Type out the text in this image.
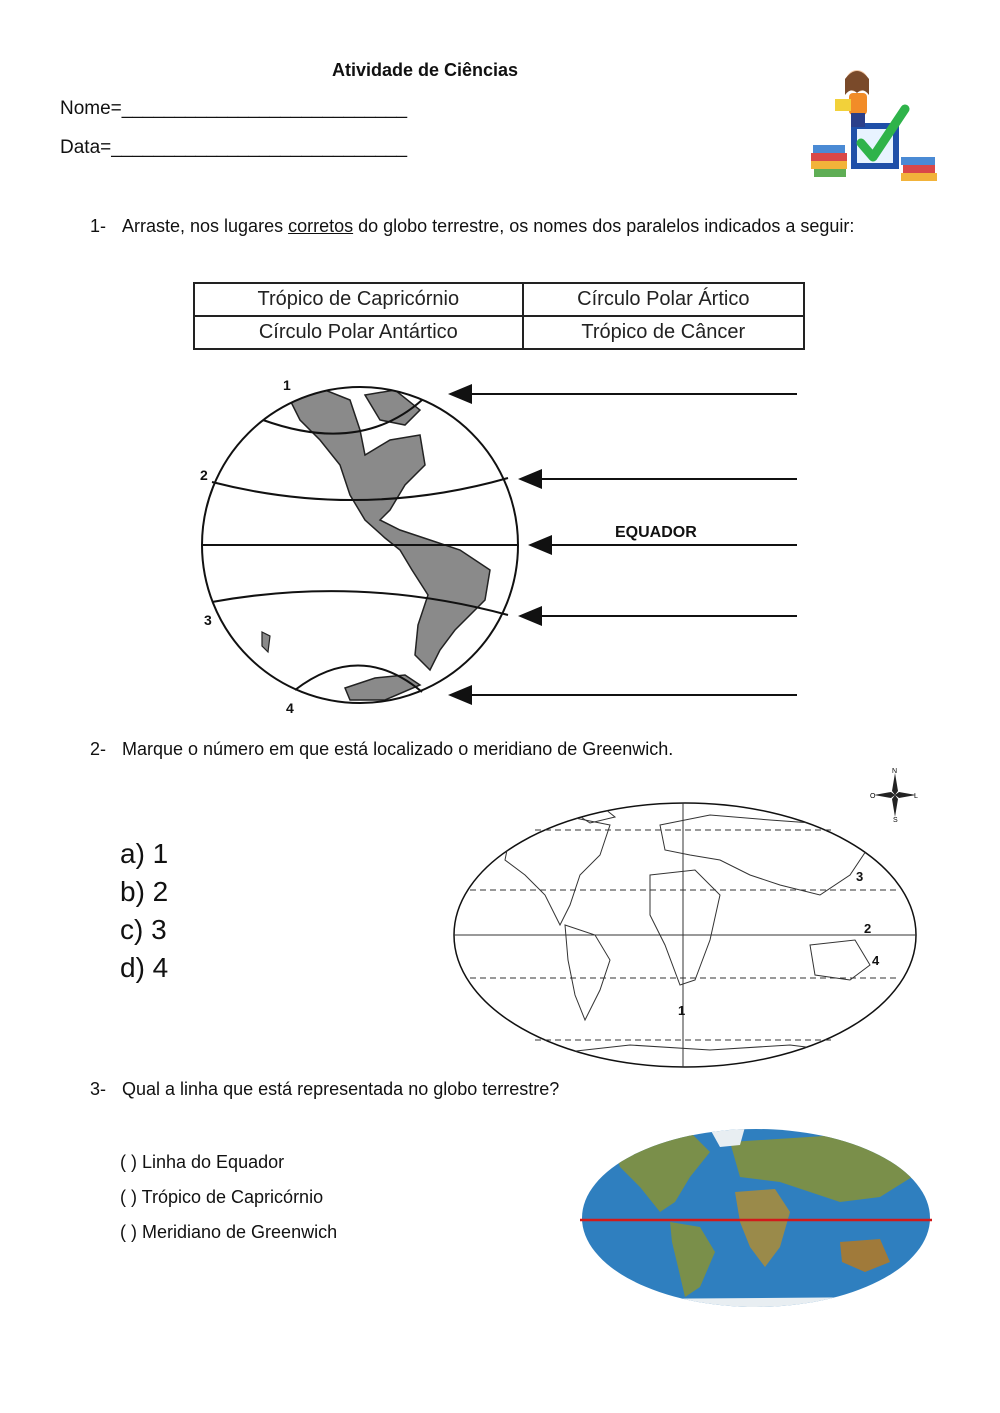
Atividade de Ciências
Nome=___________________________
Data=____________________________
1- Arraste, nos lugares corretos do globo terrestre, os nomes dos paralelos indicados a seguir:
Trópico de Capricórnio	Círculo Polar Ártico
Círculo Polar Antártico	Trópico de Câncer
1
2
3
4
EQUADOR
2- Marque o número em que está localizado o meridiano de Greenwich.
a) 1
b) 2
c) 3
d) 4
1
2
3
4
N
S
L
O
3- Qual a linha que está representada no globo terrestre?
( ) Linha do Equador
( ) Trópico de Capricórnio
( ) Meridiano de Greenwich
